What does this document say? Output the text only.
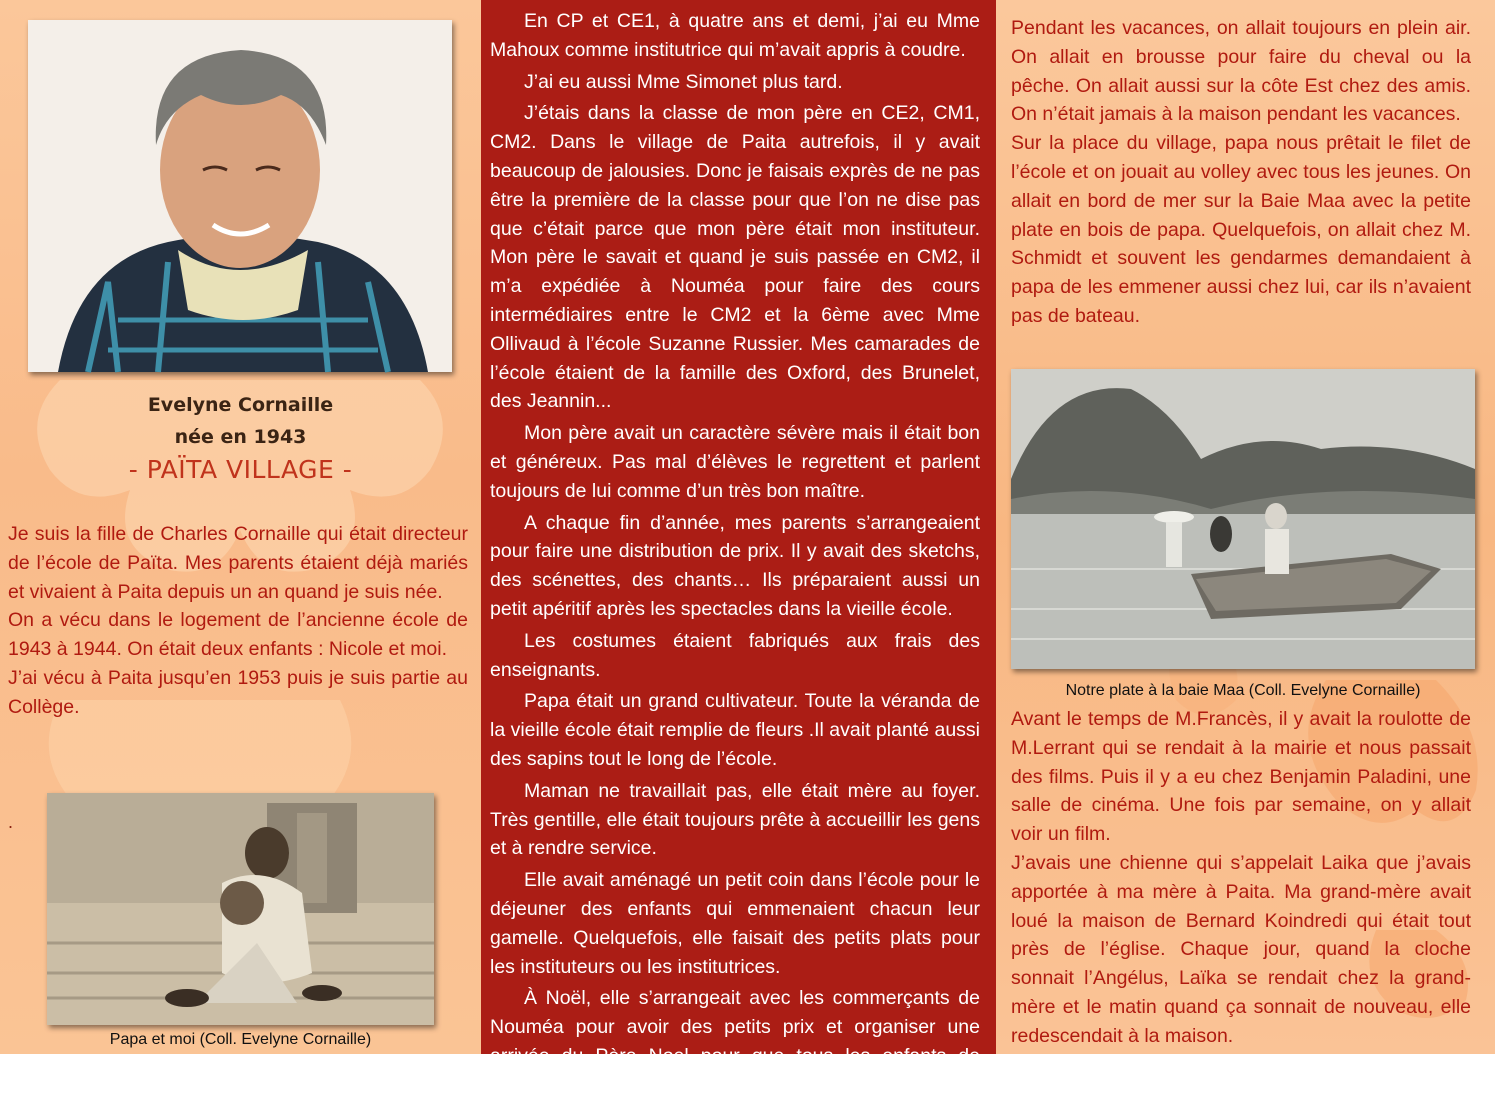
Evelyne Cornaille
née en 1943
- PAÏTA VILLAGE -

Je suis la fille de Charles Cornaille qui était directeur de l’école de Païta. Mes parents étaient déjà mariés et vivaient à Paita depuis un an quand je suis née.

On a vécu dans le logement de l’ancienne école de 1943 à 1944. On était deux enfants : Nicole et moi.

J’ai vécu à Paita jusqu’en 1953 puis je suis partie au Collège.

.
Papa et moi (Coll. Evelyne Cornaille)

En CP et CE1, à quatre ans et demi, j’ai eu Mme Mahoux comme institutrice qui m’avait appris à coudre.

J’ai eu aussi Mme Simonet plus tard.

J’étais dans la classe de mon père en CE2, CM1, CM2. Dans le village de Paita autrefois, il y avait beaucoup de jalousies. Donc je faisais exprès de ne pas être la première de la classe pour que l’on ne dise pas que c’était parce que mon père était mon instituteur. Mon père le savait et quand je suis passée en CM2, il m’a expédiée à Nouméa pour faire des cours intermédiaires entre le CM2 et la 6ème avec Mme Ollivaud à l’école Suzanne Russier. Mes camarades de l’école étaient de la famille des Oxford, des Brunelet, des Jeannin...

Mon père avait un caractère sévère mais il était bon et généreux. Pas mal d’élèves le regrettent et parlent toujours de lui comme d’un très bon maître.

A chaque fin d’année, mes parents s’arrangeaient pour faire une distribution de prix. Il y avait des sketchs, des scénettes, des chants… Ils préparaient aussi un petit apéritif après les spectacles dans la vieille école.

Les costumes étaient fabriqués aux frais des enseignants.

Papa était un grand cultivateur. Toute la véranda de la vieille école était remplie de fleurs .Il avait planté aussi des sapins tout le long de l’école.

Maman ne travaillait pas, elle était mère au foyer. Très gentille, elle était toujours prête à accueillir les gens et à rendre service.

Elle avait aménagé un petit coin dans l’école pour le déjeuner des enfants qui emmenaient chacun leur gamelle. Quelquefois, elle faisait des petits plats pour les instituteurs ou les institutrices.

À Noël, elle s’arrangeait avec les commerçants de Nouméa pour avoir des petits prix et organiser une arrivée du Père Noel pour que tous les enfants de l’école puissent avoir un jouet.

Pendant les vacances, on allait toujours en plein air. On allait en brousse pour faire du cheval ou la pêche. On allait aussi sur la côte Est chez des amis. On n’était jamais à la maison pendant les vacances.

Sur la place du village, papa nous prêtait le filet de l’école et on jouait au volley avec tous les jeunes. On allait en bord de mer sur la Baie Maa avec la petite plate en bois de papa. Quelquefois, on allait chez M. Schmidt et souvent les gendarmes demandaient à papa de les emmener aussi chez lui, car ils n’avaient pas de bateau.

Notre plate à la baie Maa (Coll. Evelyne Cornaille)

Avant le temps de M.Francès, il y avait la roulotte de M.Lerrant qui se rendait à la mairie et nous passait des films. Puis il y a eu chez Benjamin Paladini, une salle de cinéma. Une fois par semaine, on y allait voir un film.

J’avais une chienne qui s’appelait Laika que j’avais apportée à ma mère à Paita. Ma grand-mère avait loué la maison de Bernard Koindredi qui était tout près de l’église. Chaque jour, quand la cloche sonnait l’Angélus, Laïka se rendait chez la grand-mère et le matin quand ça sonnait de nouveau, elle redescendait à la maison.
